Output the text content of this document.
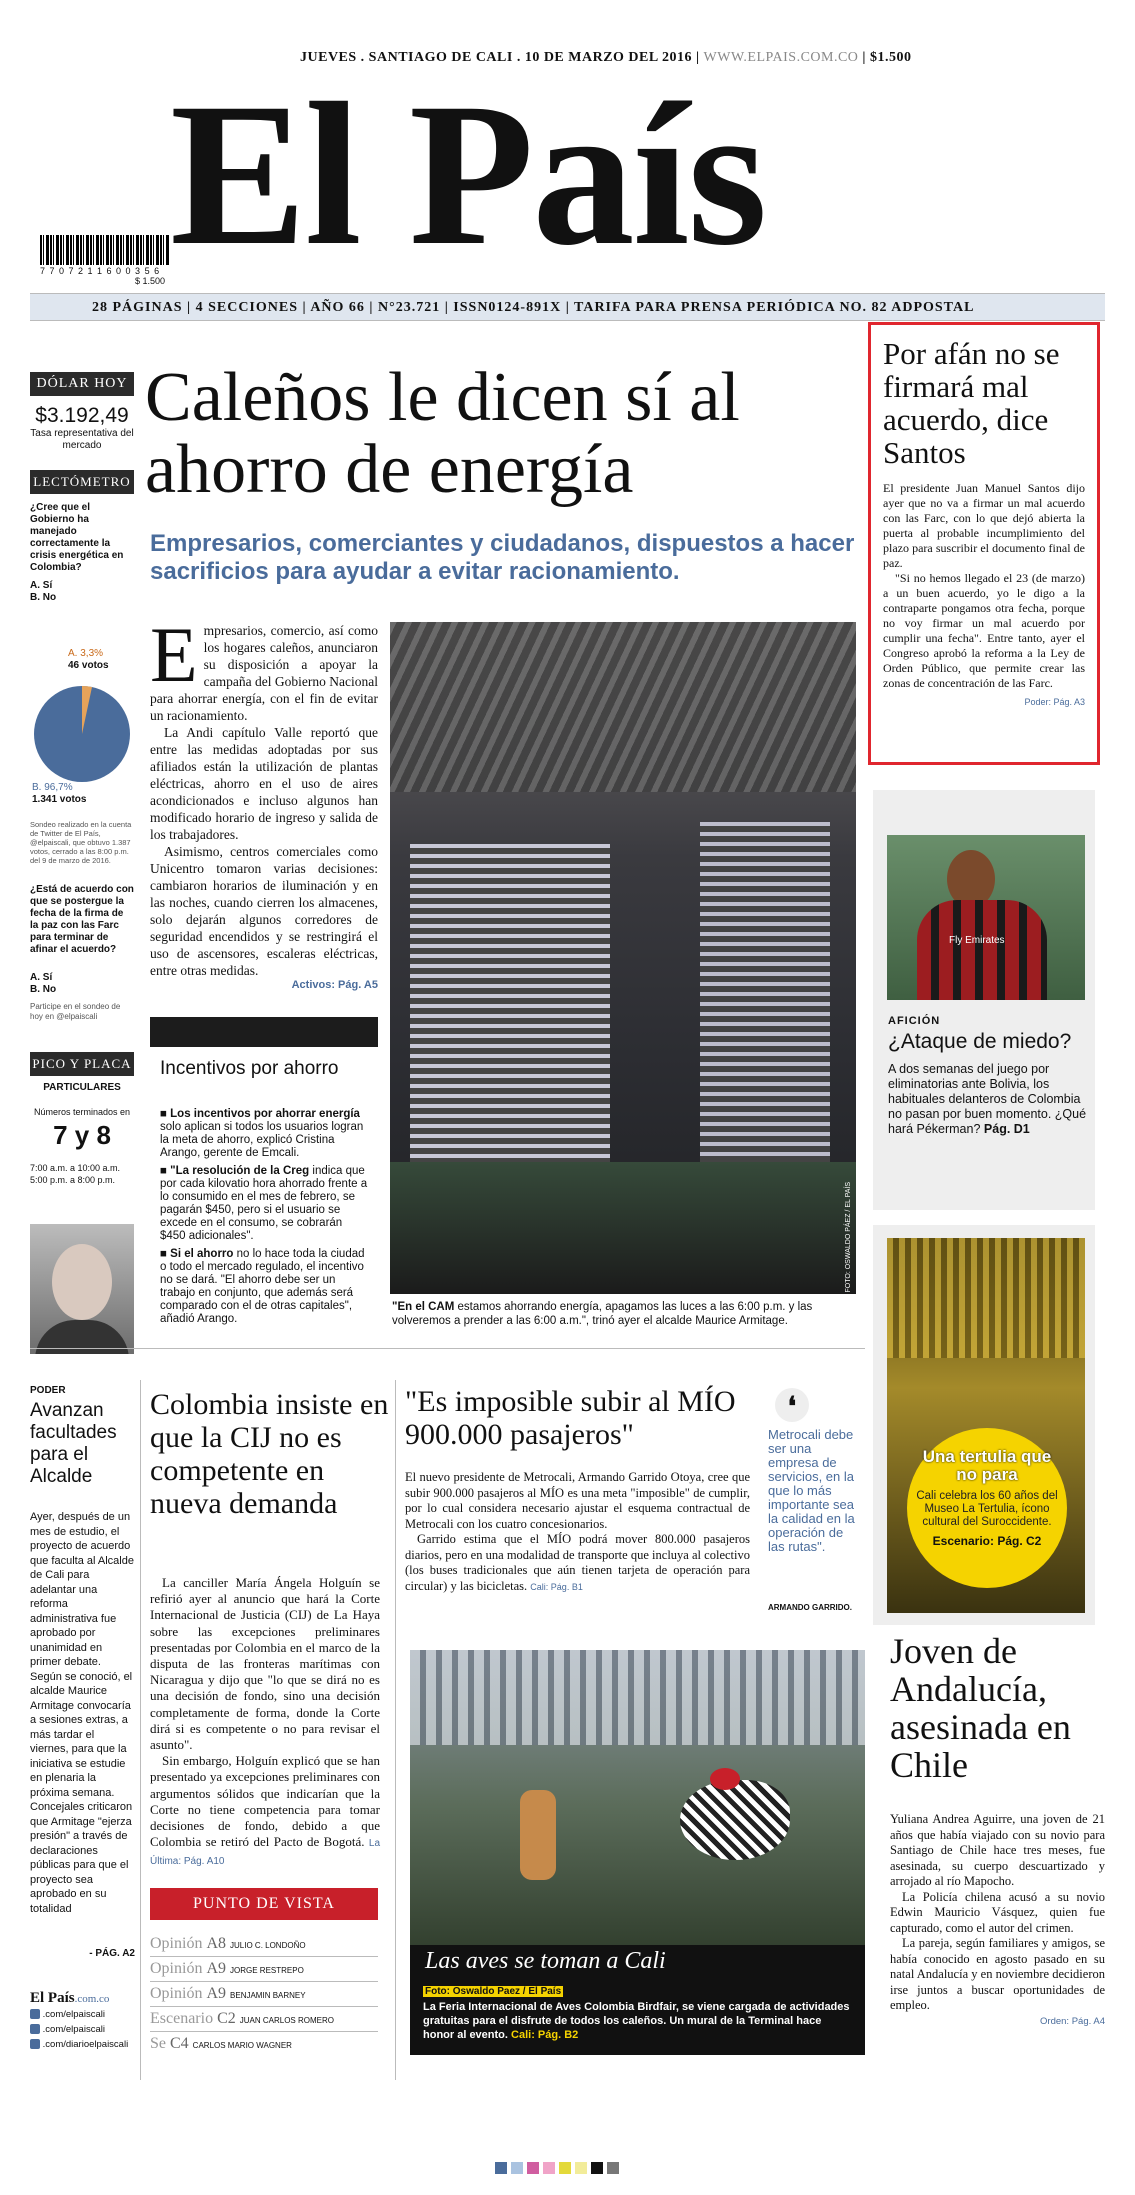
JUEVES . SANTIAGO DE CALI . 10 DE MARZO DEL 2016 | WWW.ELPAIS.COM.CO | $1.500
El País
7 7 0 7 2 1 1 6 0 0 3 5 6
$ 1.500
28 PÁGINAS | 4 SECCIONES | AÑO 66 | N°23.721 | ISSN0124-891X | TARIFA PARA PRENSA PERIÓDICA NO. 82 ADPOSTAL
DÓLAR HOY
$3.192,49
Tasa representativa del mercado
LECTÓMETRO
¿Cree que el Gobierno ha manejado correctamente la crisis energética en Colombia?
A. Sí
B. No
A. 3,3%
46 votos
B. 96,7%
1.341 votos
Sondeo realizado en la cuenta de Twitter de El País, @elpaiscali, que obtuvo 1.387 votos, cerrado a las 8:00 p.m. del 9 de marzo de 2016.
¿Está de acuerdo con que se postergue la fecha de la firma de la paz con las Farc para terminar de afinar el acuerdo?
A. Sí
B. No
Participe en el sondeo de hoy en @elpaiscali
PICO Y PLACA
PARTICULARES
Números terminados en
7 y 8
7:00 a.m. a 10:00 a.m. 5:00 p.m. a 8:00 p.m.
Caleños le dicen sí al ahorro de energía
Empresarios, comerciantes y ciudadanos, dispuestos a hacer sacrificios para ayudar a evitar racionamiento.
E mpresarios, comercio, así como los hogares caleños, anunciaron su disposición a apoyar la campaña del Gobierno Nacional para ahorrar energía, con el fin de evitar un racionamiento.
La Andi capítulo Valle reportó que entre las medidas adoptadas por sus afiliados están la utilización de plantas eléctricas, ahorro en el uso de aires acondicionados e incluso algunos han modificado horario de ingreso y salida de los trabajadores.
Asimismo, centros comerciales como Unicentro tomaron varias decisiones: cambiaron horarios de iluminación y en las noches, cuando cierren los almacenes, solo dejarán algunos corredores de seguridad encendidos y se restringirá el uso de ascensores, escaleras eléctricas, entre otras medidas.
Activos: Pág. A5
Incentivos por ahorro
■ Los incentivos por ahorrar energía solo aplican si todos los usuarios logran la meta de ahorro, explicó Cristina Arango, gerente de Emcali.
■ "La resolución de la Creg indica que por cada kilovatio hora ahorrado frente a lo consumido en el mes de febrero, se pagarán $450, pero si el usuario se excede en el consumo, se cobrarán $450 adicionales".
■ Si el ahorro no lo hace toda la ciudad o todo el mercado regulado, el incentivo no se dará. "El ahorro debe ser un trabajo en conjunto, que además será comparado con el de otras capitales", añadió Arango.
FOTO: OSWALDO PÁEZ / EL PAÍS
"En el CAM estamos ahorrando energía, apagamos las luces a las 6:00 p.m. y las volveremos a prender a las 6:00 a.m.", trinó ayer el alcalde Maurice Armitage.
Por afán no se firmará mal acuerdo, dice Santos
El presidente Juan Manuel Santos dijo ayer que no va a firmar un mal acuerdo con las Farc, con lo que dejó abierta la puerta al probable incumplimiento del plazo para suscribir el documento final de paz.
"Si no hemos llegado el 23 (de marzo) a un buen acuerdo, yo le digo a la contraparte pongamos otra fecha, porque no voy firmar un mal acuerdo por cumplir una fecha". Entre tanto, ayer el Congreso aprobó la reforma a la Ley de Orden Público, que permite crear las zonas de concentración de las Farc.
Poder: Pág. A3
Fly Emirates
AFICIÓN
¿Ataque de miedo?
A dos semanas del juego por eliminatorias ante Bolivia, los habituales delanteros de Colombia no pasan por buen momento. ¿Qué hará Pékerman? Pág. D1
Una tertulia que no para
Cali celebra los 60 años del Museo La Tertulia, ícono cultural del Suroccidente.
Escenario: Pág. C2
PODER
Avanzan facultades para el Alcalde
Ayer, después de un mes de estudio, el proyecto de acuerdo que faculta al Alcalde de Cali para adelantar una reforma administrativa fue aprobado por unanimidad en primer debate. Según se conoció, el alcalde Maurice Armitage convocaría a sesiones extras, a más tardar el viernes, para que la iniciativa se estudie en plenaria la próxima semana. Concejales criticaron que Armitage "ejerza presión" a través de declaraciones públicas para que el proyecto sea aprobado en su totalidad
- PÁG. A2
Colombia insiste en que la CIJ no es competente en nueva demanda
La canciller María Ángela Holguín se refirió ayer al anuncio que hará la Corte Internacional de Justicia (CIJ) de La Haya sobre las excepciones preliminares presentadas por Colombia en el marco de la disputa de las fronteras marítimas con Nicaragua y dijo que "lo que se dirá no es una decisión de fondo, sino una decisión completamente de forma, donde la Corte dirá si es competente o no para revisar el asunto".
Sin embargo, Holguín explicó que se han presentado ya excepciones preliminares con argumentos sólidos que indicarían que la Corte no tiene competencia para tomar decisiones de fondo, debido a que Colombia se retiró del Pacto de Bogotá. La Última: Pág. A10
PUNTO DE VISTA
Opinión A8 JULIO C. LONDOÑO
Opinión A9 JORGE RESTREPO
Opinión A9 BENJAMIN BARNEY
Escenario C2 JUAN CARLOS ROMERO
Se C4 CARLOS MARIO WAGNER
El País.com.co
.com/elpaiscali
.com/elpaiscali
.com/diarioelpaiscali
"Es imposible subir al MÍO 900.000 pasajeros"
El nuevo presidente de Metrocali, Armando Garrido Otoya, cree que subir 900.000 pasajeros al MÍO es una meta "imposible" de cumplir, por lo cual considera necesario ajustar el esquema contractual de Metrocali con los cuatro concesionarios.
Garrido estima que el MÍO podrá mover 800.000 pasajeros diarios, pero en una modalidad de transporte que incluya al colectivo (los buses tradicionales que aún tienen tarjeta de operación para circular) y las bicicletas. Cali: Pág. B1
❛
Metrocali debe ser una empresa de servicios, en la que lo más importante sea la calidad en la operación de las rutas".
ARMANDO GARRIDO.
Las aves se toman a Cali
Foto: Oswaldo Paez / El País
La Feria Internacional de Aves Colombia Birdfair, se viene cargada de actividades gratuitas para el disfrute de todos los caleños. Un mural de la Terminal hace honor al evento. Cali: Pág. B2
Joven de Andalucía, asesinada en Chile
Yuliana Andrea Aguirre, una joven de 21 años que había viajado con su novio para Santiago de Chile hace tres meses, fue asesinada, su cuerpo descuartizado y arrojado al río Mapocho.
La Policía chilena acusó a su novio Edwin Mauricio Vásquez, quien fue capturado, como el autor del crimen.
La pareja, según familiares y amigos, se había conocido en agosto pasado en su natal Andalucía y en noviembre decidieron irse juntos a buscar oportunidades de empleo.
Orden: Pág. A4
